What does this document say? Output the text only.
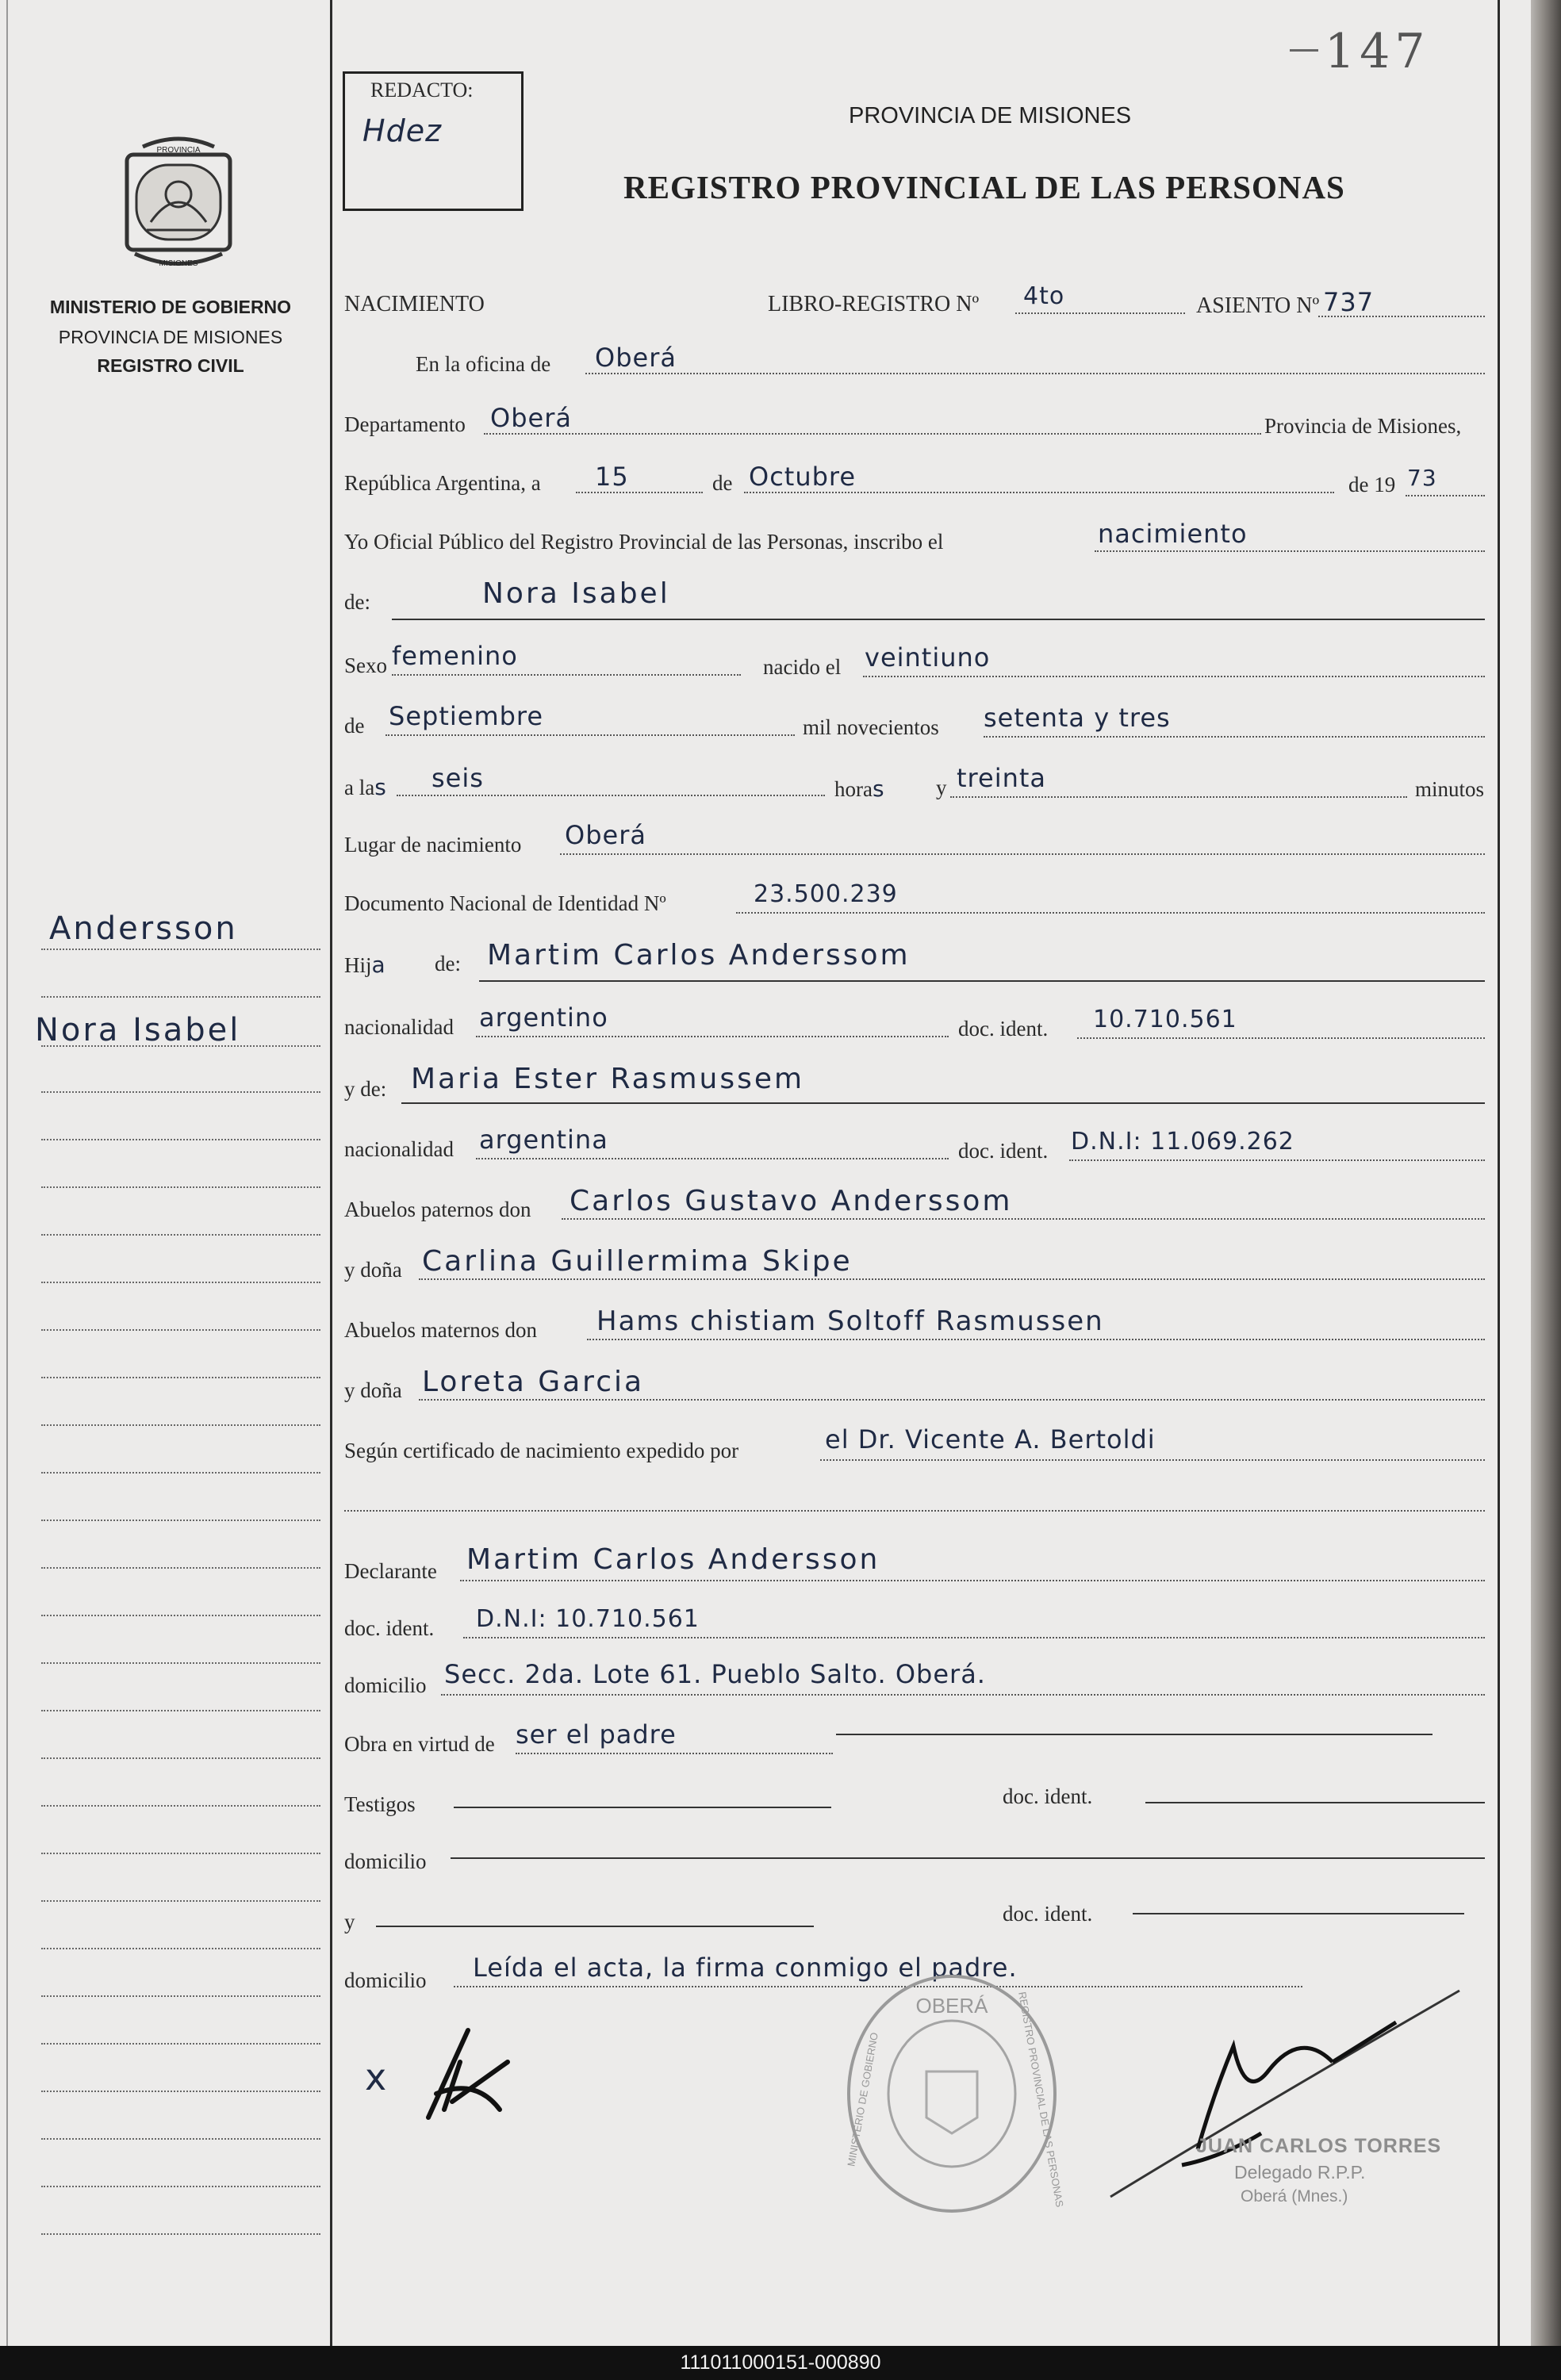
147
PROVINCIA
MISIONES
MINISTERIO DE GOBIERNO
PROVINCIA DE MISIONES
REGISTRO CIVIL
Andersson
Nora Isabel
REDACTO:
Hdez	PROVINCIA DE MISIONES
REGISTRO PROVINCIAL DE LAS PERSONAS
NACIMIENTO	LIBRO-REGISTRO Nº 4to	ASIENTO Nº 737
En la oficina de Oberá
Departamento Oberá	Provincia de Misiones,
República Argentina, a 15	de Octubre	de 19 73
Yo Oficial Público del Registro Provincial de las Personas, inscribo el	nacimiento
de:	Nora Isabel
Sexo femenino	nacido el veintiuno
de Septiembre	mil novecientos setenta y tres
a las seis	horas y treinta	minutos
Lugar de nacimiento Oberá
Documento Nacional de Identidad Nº	23.500.239
Hija de: Martim Carlos Anderssom
nacionalidad argentino	doc. ident. 10.710.561
y de: Maria Ester Rasmussem
nacionalidad argentina	doc. ident. D.N.I: 11.069.262
Abuelos paternos don Carlos Gustavo Anderssom
y doña Carlina Guillermima Skipe
Abuelos maternos don Hams chistiam Soltoff Rasmussen
y doña Loreta Garcia
Según certificado de nacimiento expedido por	el Dr. Vicente A. Bertoldi
Declarante Martim Carlos Andersson
doc. ident. D.N.I: 10.710.561
domicilio Secc. 2da. Lote 61. Pueblo Salto. Oberá.
Obra en virtud de ser el padre
Testigos	doc. ident.
domicilio
y	doc. ident.
domicilio Leída el acta, la firma conmigo el padre.
x
OBERÁ	REGISTRO PROVINCIAL DE LAS PERSONAS
MINISTERIO DE GOBIERNO	JUAN CARLOS TORRES
Delegado R.P.P.
Oberá (Mnes.)
111011000151-000890
